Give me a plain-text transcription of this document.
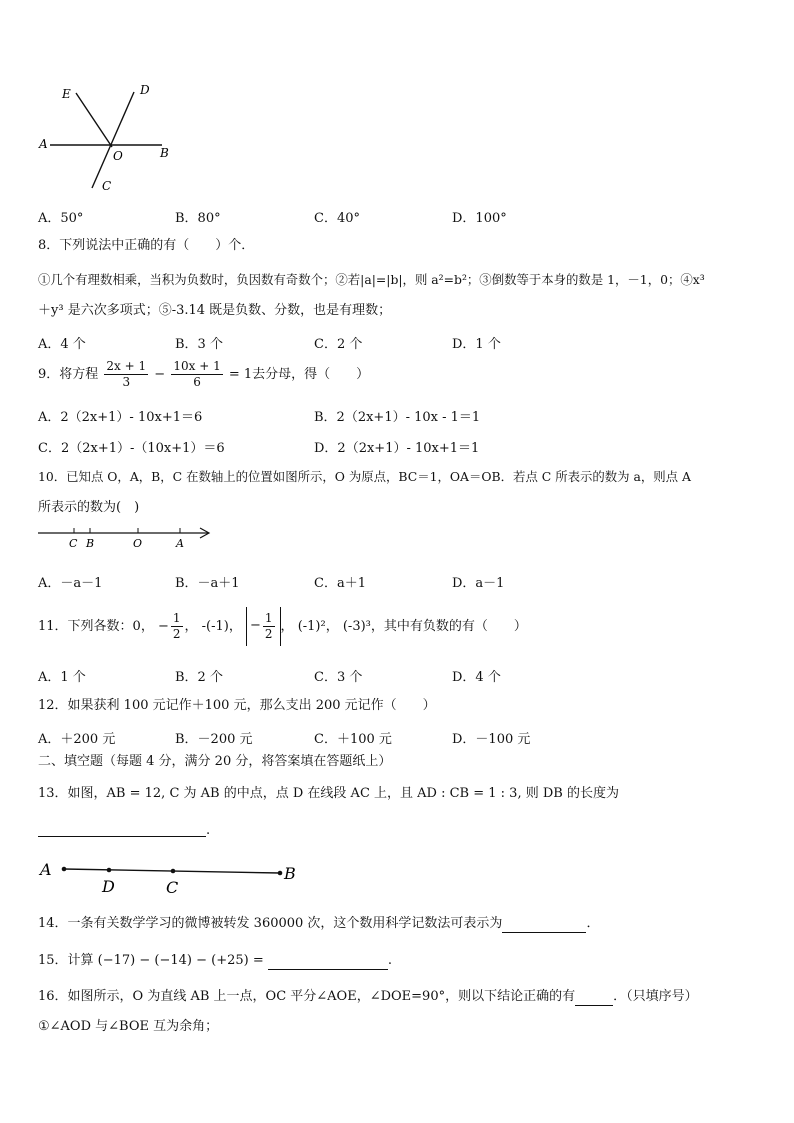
E	D
A
O	B
C
A．50°	B．80°	C．40°	D．100°
8．下列说法中正确的有（　　）个．
①几个有理数相乘，当积为负数时，负因数有奇数个；②若|a|=|b|，则 a²=b²；③倒数等于本身的数是 1，－1，0；④x³
＋y³ 是六次多项式；⑤-3.14 既是负数、分数，也是有理数；
A．4 个	B．3 个	C．2 个	D．1 个
9．将方程 $\frac{2x + 1}{3} - \frac{10x + 1}{6} = 1$去分母，得（　　）
A．2（2x+1）- 10x+1＝6	B．2（2x+1）- 10x - 1＝1
C．2（2x+1）-（10x+1）＝6	D．2（2x+1）- 10x+1＝1
10．已知点 O，A，B，C 在数轴上的位置如图所示，O 为原点，BC＝1，OA＝OB．若点 C 所表示的数为 a，则点 A
所表示的数为(　)
C B	O	A
A．－a－1	B．－a＋1	C．a＋1	D．a－1
11．下列各数：0， − $\frac{1}{2}$ ， -(-1)， − $\frac{1}{2}$ ， (-1)²， (-3)³，其中有负数的有（　　）
A．1 个	B．2 个	C．3 个	D．4 个
12．如果获利 100 元记作＋100 元，那么支出 200 元记作（　　）
A．＋200 元	B．－200 元	C．＋100 元	D．－100 元
二、填空题（每题 4 分，满分 20 分，将答案填在答题纸上）
13．如图，AB = 12, C 为 AB 的中点，点 D 在线段 AC 上，且 AD : CB = 1 : 3, 则 DB 的长度为
.
A
D	C
B
14．一条有关数学学习的微博被转发 360000 次，这个数用科学记数法可表示为	．
15．计算 (−17) − (−14) − (+25) =	.
16．如图所示，O 为直线 AB 上一点，OC 平分∠AOE，∠DOE=90°，则以下结论正确的有	．（只填序号）
①∠AOD 与∠BOE 互为余角；
